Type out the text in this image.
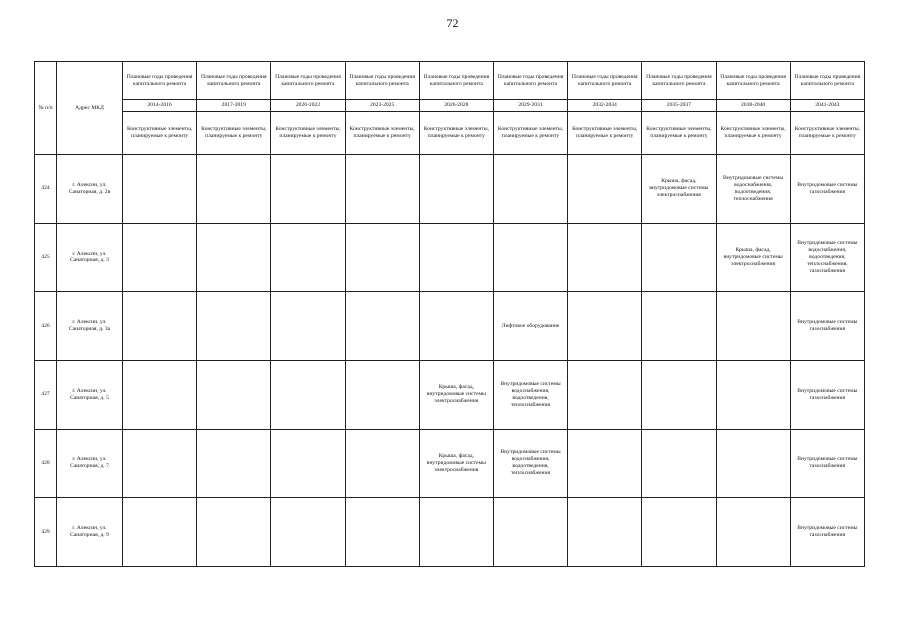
72
№ п/п	Адрес МКД	Плановые годы проведения капитального ремонта	Плановые годы проведения капитального ремонта	Плановые годы проведения капитального ремонта	Плановые годы проведения капитального ремонта	Плановые годы проведения капитального ремонта	Плановые годы проведения капитального ремонта	Плановые годы проведения капитального ремонта	Плановые годы проведения капитального ремонта	Плановые годы проведения капитального ремонта	Плановые годы проведения капитального ремонта
		2014-2016	2017-2019	2020-2022	2023-2025	2026-2028	2029-2031	2032-2034	2035-2037	2038-2040	2041-2043
		Конструктивные элементы, планируемые к ремонту	Конструктивные элементы, планируемые к ремонту	Конструктивные элементы, планируемые к ремонту	Конструктивные элементы, планируемые к ремонту	Конструктивные элементы, планируемые к ремонту	Конструктивные элементы, планируемые к ремонту	Конструктивные элементы, планируемые к ремонту	Конструктивные элементы, планируемые к ремонту	Конструктивные элементы, планируемые к ремонту	Конструктивные элементы, планируемые к ремонту
424	г. Алексин, ул. Санаторная, д. 2в								Крыша, фасад, внутридомовые системы электроснабжения	Внутридомовые системы водоснабжения, водоотведения, теплоснабжения	Внутридомовые системы газоснабжения
425	г. Алексин, ул. Санаторная, д. 3									Крыша, фасад, внутридомовые системы электроснабжения	Внутридомовые системы водоснабжения, водоотведения, теплоснабжения, газоснабжения
426	г. Алексин, ул. Санаторная, д. 3а						Лифтовое оборудование				Внутридомовые системы газоснабжения
427	г. Алексин, ул. Санаторная, д. 5					Крыша, фасад, внутридомовые системы электроснабжения	Внутридомовые системы водоснабжения, водоотведения, теплоснабжения				Внутридомовые системы газоснабжения
428	г. Алексин, ул. Санаторная, д. 7					Крыша, фасад, внутридомовые системы электроснабжения	Внутридомовые системы водоснабжения, водоотведения, теплоснабжения				Внутридомовые системы газоснабжения
429	г. Алексин, ул. Санаторная, д. 9										Внутридомовые системы газоснабжения
